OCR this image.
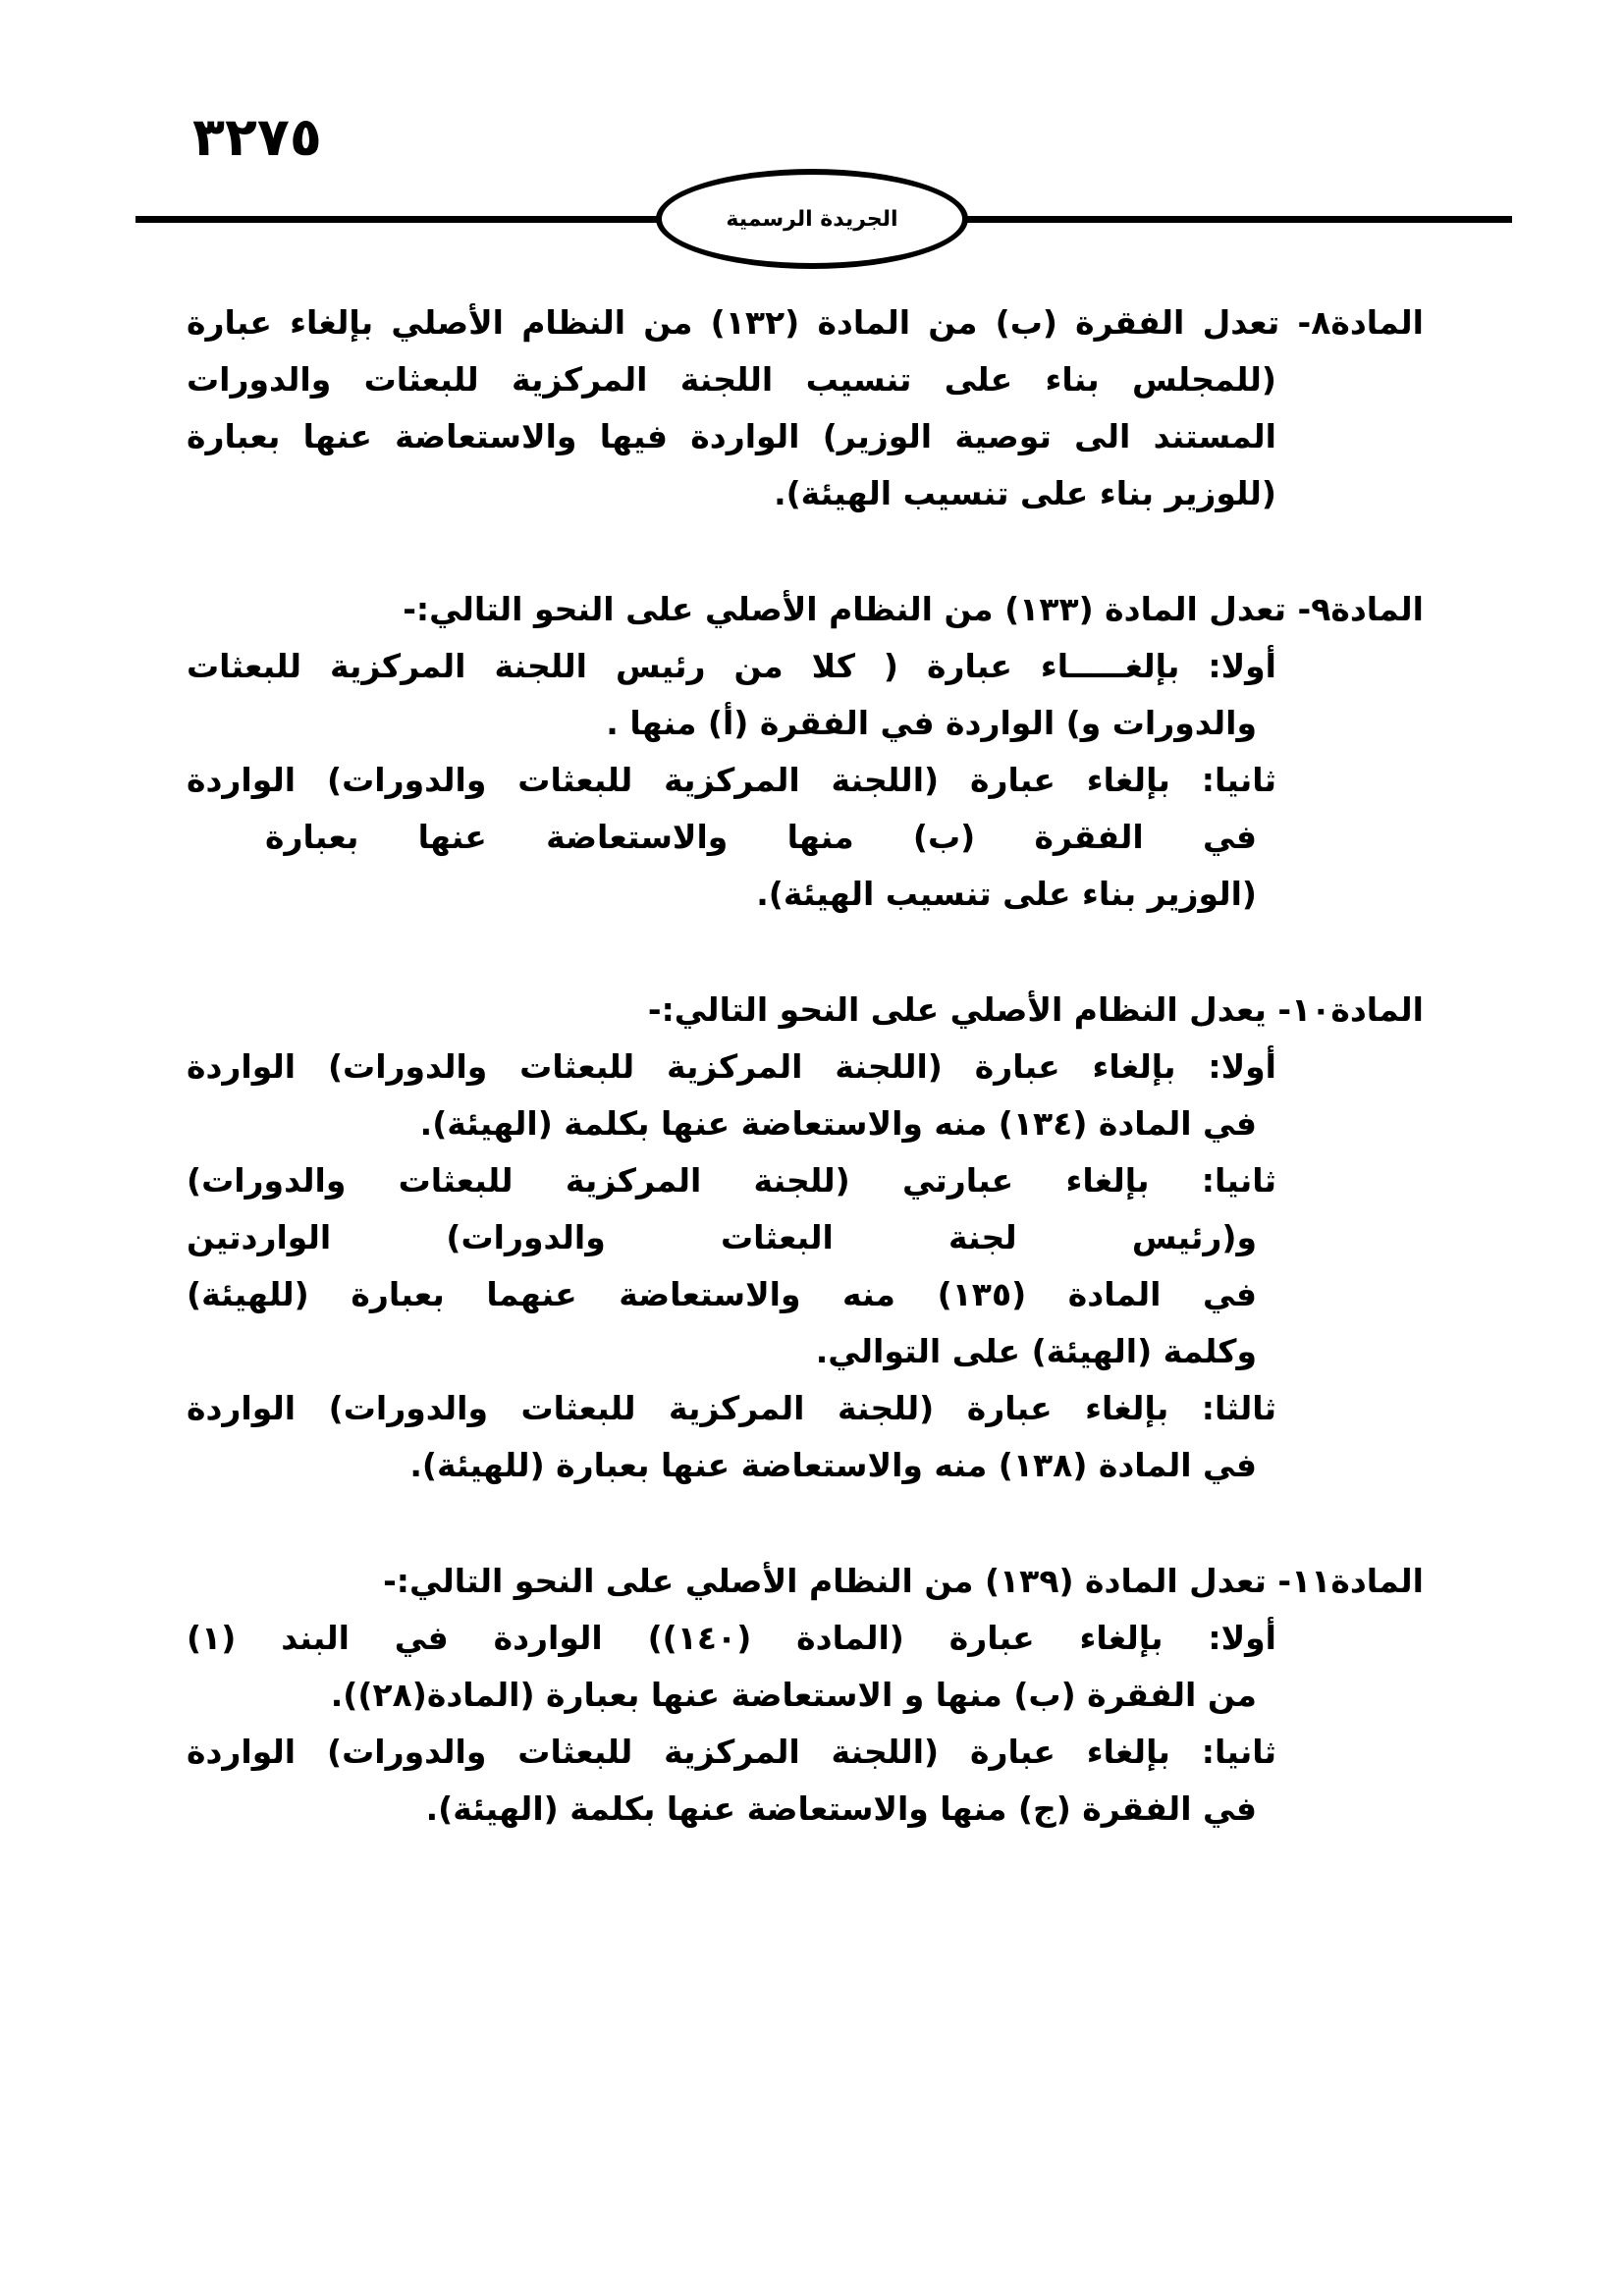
٣٢٧٥
الجريدة الرسمية
المادة٨- تعدل الفقرة (ب) من المادة (١٣٢) من النظام الأصلي بإلغاء عبارة
(للمجلس بناء على تنسيب اللجنة المركزية للبعثات والدورات
المستند الى توصية الوزير) الواردة فيها والاستعاضة عنها بعبارة
(للوزير بناء على تنسيب الهيئة).
المادة٩- تعدل المادة (١٣٣) من النظام الأصلي على النحو التالي:-
أولا: بإلغـــــاء عبارة ( كلا من رئيس اللجنة المركزية للبعثات
والدورات و) الواردة في الفقرة (أ) منها .
ثانيا: بإلغاء عبارة (اللجنة المركزية للبعثات والدورات) الواردة
في الفقرة (ب) منها والاستعاضة عنها بعبارة
(الوزير بناء على تنسيب الهيئة).
المادة١٠- يعدل النظام الأصلي على النحو التالي:-
أولا: بإلغاء عبارة (اللجنة المركزية للبعثات والدورات) الواردة
في المادة (١٣٤) منه والاستعاضة عنها بكلمة (الهيئة).
ثانيا: بإلغاء عبارتي (للجنة المركزية للبعثات والدورات)
و(رئيس لجنة البعثات والدورات) الواردتين
في المادة (١٣٥) منه والاستعاضة عنهما بعبارة (للهيئة)
وكلمة (الهيئة) على التوالي.
ثالثا: بإلغاء عبارة (للجنة المركزية للبعثات والدورات) الواردة
في المادة (١٣٨) منه والاستعاضة عنها بعبارة (للهيئة).
المادة١١- تعدل المادة (١٣٩) من النظام الأصلي على النحو التالي:-
أولا: بإلغاء عبارة (المادة (١٤٠)) الواردة في البند (١)
من الفقرة (ب) منها و الاستعاضة عنها بعبارة (المادة(٢٨)).
ثانيا: بإلغاء عبارة (اللجنة المركزية للبعثات والدورات) الواردة
في الفقرة (ج) منها والاستعاضة عنها بكلمة (الهيئة).
